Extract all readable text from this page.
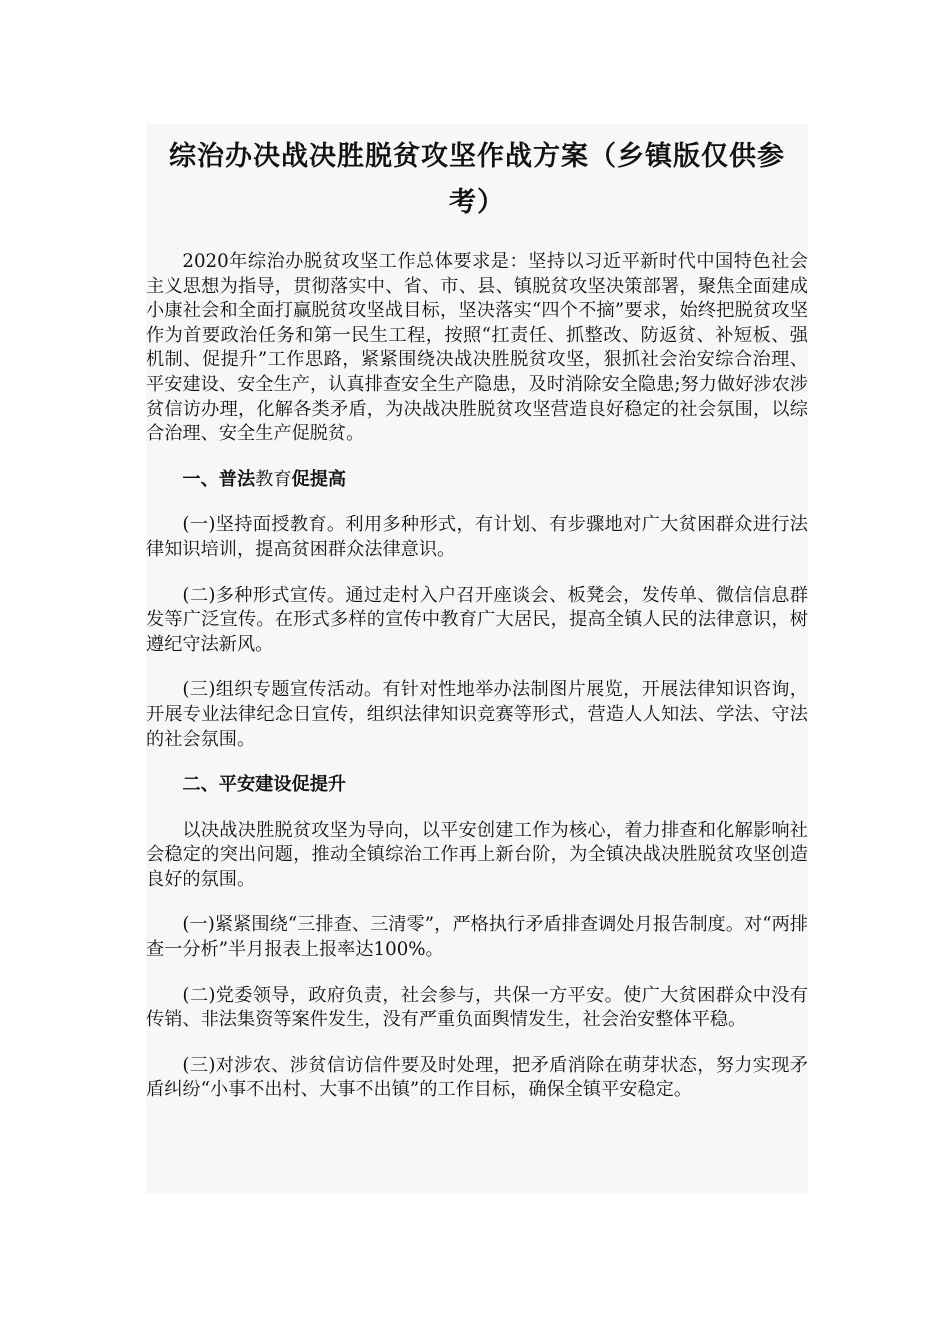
综治办决战决胜脱贫攻坚作战方案（乡镇版仅供参考）

2020年综治办脱贫攻坚工作总体要求是：坚持以习近平新时代中国特色社会主义思想为指导，贯彻落实中、省、市、县、镇脱贫攻坚决策部署，聚焦全面建成小康社会和全面打赢脱贫攻坚战目标，坚决落实“四个不摘”要求，始终把脱贫攻坚作为首要政治任务和第一民生工程，按照“扛责任、抓整改、防返贫、补短板、强机制、促提升”工作思路，紧紧围绕决战决胜脱贫攻坚，狠抓社会治安综合治理、平安建设、安全生产，认真排查安全生产隐患，及时消除安全隐患;努力做好涉农涉贫信访办理，化解各类矛盾，为决战决胜脱贫攻坚营造良好稳定的社会氛围，以综合治理、安全生产促脱贫。

一、普法教育促提高

(一)坚持面授教育。利用多种形式，有计划、有步骤地对广大贫困群众进行法律知识培训，提高贫困群众法律意识。

(二)多种形式宣传。通过走村入户召开座谈会、板凳会，发传单、微信信息群发等广泛宣传。在形式多样的宣传中教育广大居民，提高全镇人民的法律意识，树遵纪守法新风。

(三)组织专题宣传活动。有针对性地举办法制图片展览，开展法律知识咨询，开展专业法律纪念日宣传，组织法律知识竞赛等形式，营造人人知法、学法、守法的社会氛围。

二、平安建设促提升

以决战决胜脱贫攻坚为导向，以平安创建工作为核心，着力排查和化解影响社会稳定的突出问题，推动全镇综治工作再上新台阶，为全镇决战决胜脱贫攻坚创造良好的氛围。

(一)紧紧围绕“三排查、三清零”，严格执行矛盾排查调处月报告制度。对“两排查一分析”半月报表上报率达100%。

(二)党委领导，政府负责，社会参与，共保一方平安。使广大贫困群众中没有传销、非法集资等案件发生，没有严重负面舆情发生，社会治安整体平稳。

(三)对涉农、涉贫信访信件要及时处理，把矛盾消除在萌芽状态，努力实现矛盾纠纷“小事不出村、大事不出镇”的工作目标，确保全镇平安稳定。
